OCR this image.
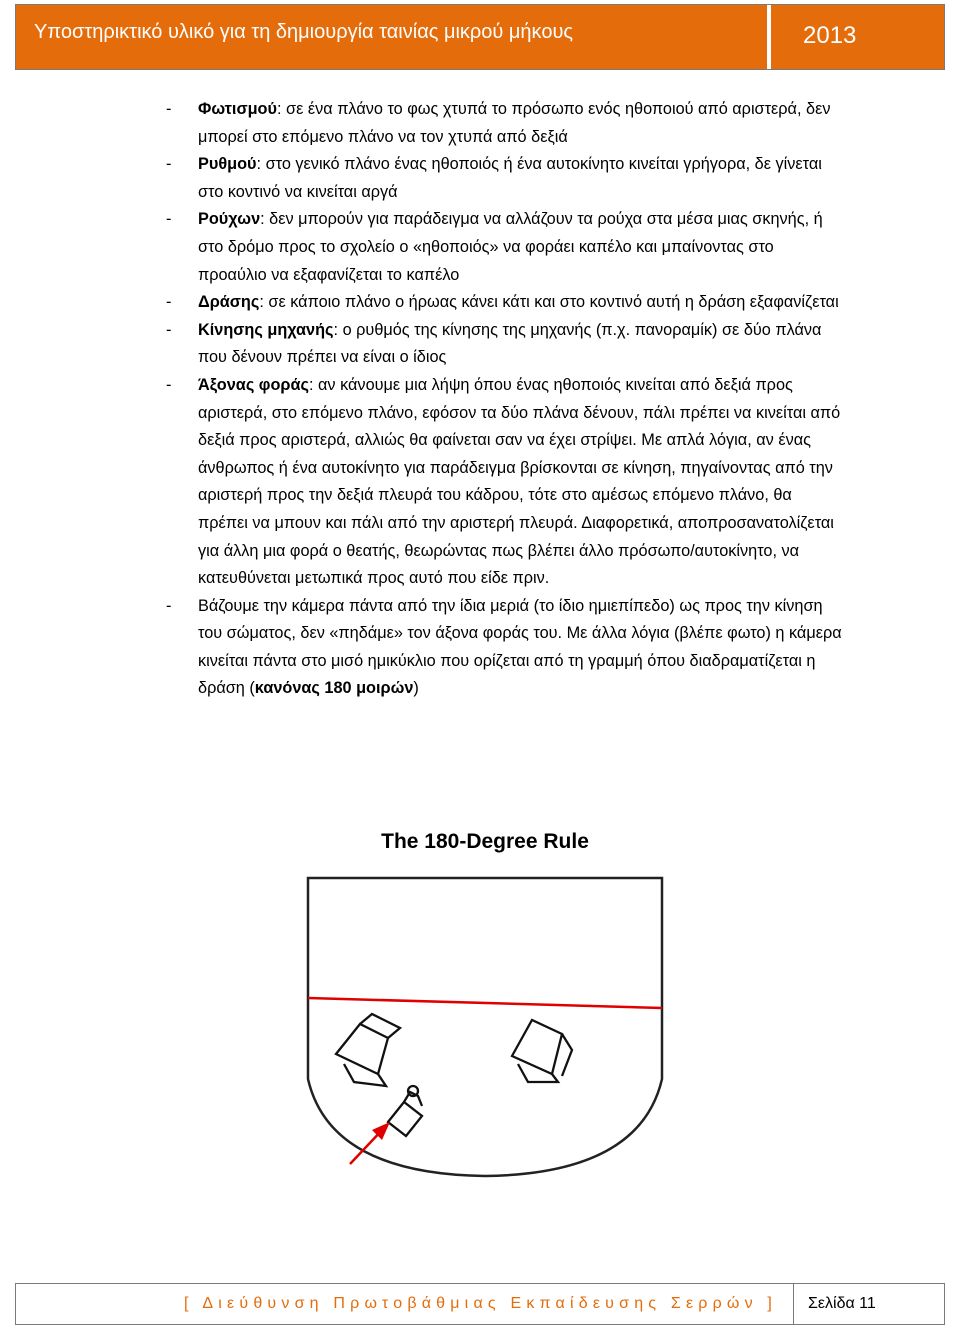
Υποστηρικτικό υλικό για τη δημιουργία ταινίας μικρού μήκους	2013
-	Φωτισμού: σε ένα πλάνο το φως χτυπά το πρόσωπο ενός ηθοποιού από αριστερά, δεν μπορεί στο επόμενο πλάνο να τον χτυπά από δεξιά
-	Ρυθμού: στο γενικό πλάνο ένας ηθοποιός ή ένα αυτοκίνητο κινείται γρήγορα, δε γίνεται στο κοντινό να κινείται αργά
-	Ρούχων: δεν μπορούν για παράδειγμα να αλλάζουν τα ρούχα στα μέσα μιας σκηνής, ή στο δρόμο προς το σχολείο ο «ηθοποιός» να φοράει καπέλο και μπαίνοντας στο προαύλιο να εξαφανίζεται το καπέλο
-	Δράσης: σε κάποιο πλάνο ο ήρωας κάνει κάτι και στο κοντινό αυτή η δράση εξαφανίζεται
-	Κίνησης μηχανής: ο ρυθμός της κίνησης της μηχανής (π.χ. πανοραμίκ) σε δύο πλάνα που δένουν πρέπει να είναι ο ίδιος
-	Άξονας φοράς: αν κάνουμε μια λήψη όπου ένας ηθοποιός κινείται από δεξιά προς αριστερά, στο επόμενο πλάνο, εφόσον τα δύο πλάνα δένουν, πάλι πρέπει να κινείται από δεξιά προς αριστερά, αλλιώς θα φαίνεται σαν να έχει στρίψει. Με απλά λόγια, αν ένας άνθρωπος ή ένα αυτοκίνητο για παράδειγμα βρίσκονται σε κίνηση, πηγαίνοντας από την αριστερή προς την δεξιά πλευρά του κάδρου, τότε στο αμέσως επόμενο πλάνο, θα πρέπει να μπουν και πάλι από την αριστερή πλευρά. Διαφορετικά, αποπροσανατολίζεται για άλλη μια φορά ο θεατής, θεωρώντας πως βλέπει άλλο πρόσωπο/αυτοκίνητο, να κατευθύνεται μετωπικά προς αυτό που είδε πριν.
-	Βάζουμε την κάμερα πάντα από την ίδια μεριά (το ίδιο ημιεπίπεδο) ως προς την κίνηση του σώματος, δεν «πηδάμε» τον άξονα φοράς του. Με άλλα λόγια (βλέπε φωτο) η κάμερα κινείται πάντα στο μισό ημικύκλιο που ορίζεται από τη γραμμή όπου διαδραματίζεται η δράση (κανόνας 180 μοιρών)
The 180-Degree Rule
[ Διεύθυνση Πρωτοβάθμιας Εκπαίδευσης Σερρών ]	Σελίδα 11
